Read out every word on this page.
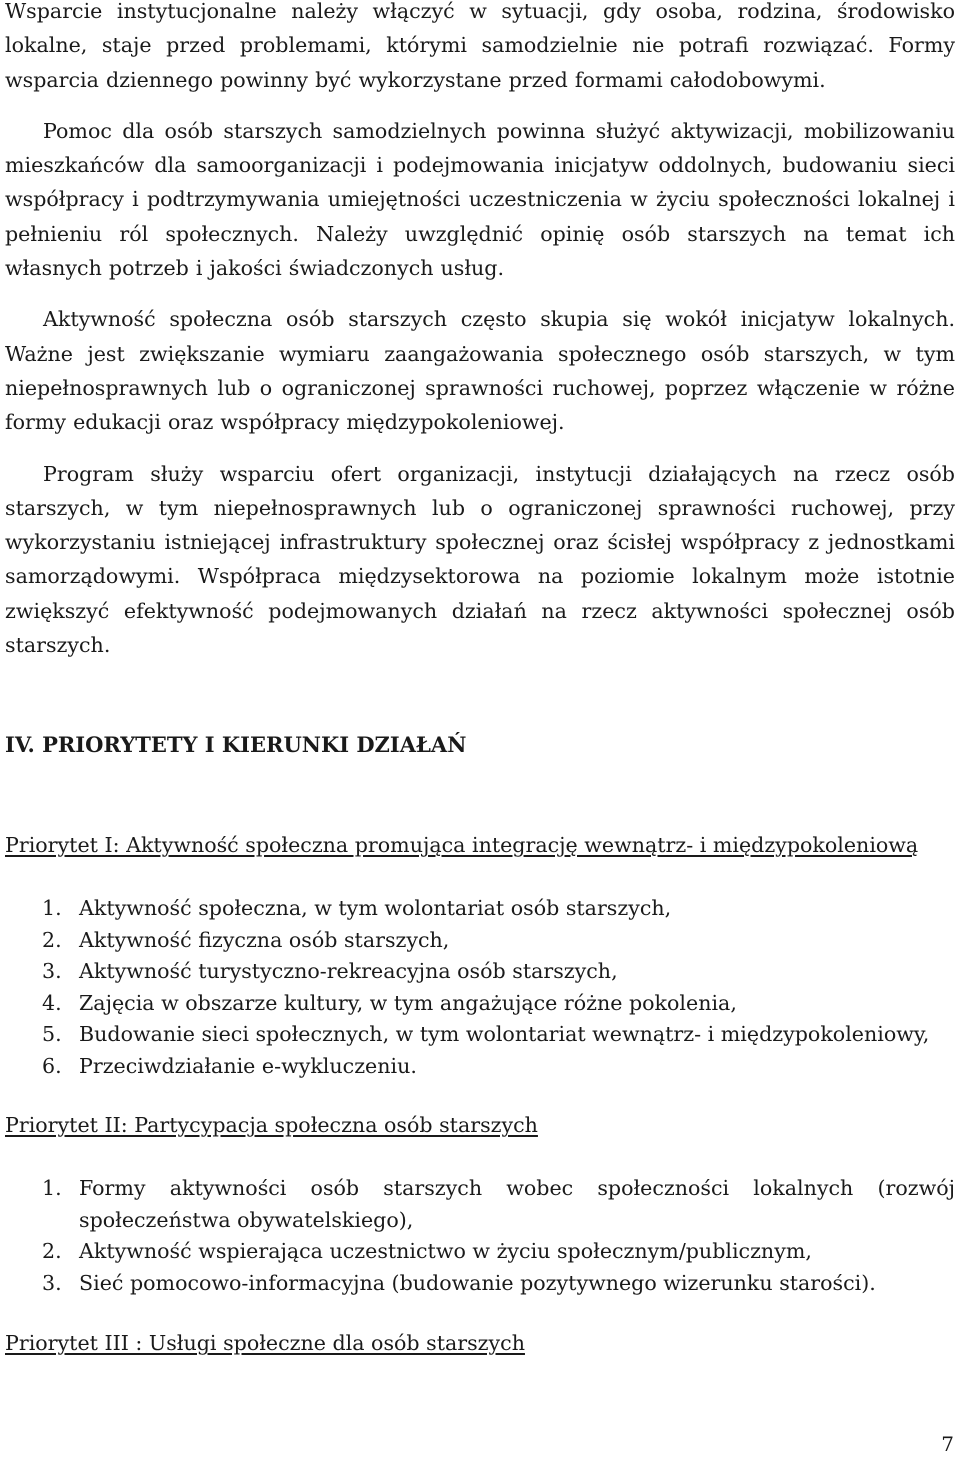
Wsparcie instytucjonalne należy włączyć w sytuacji, gdy osoba, rodzina, środowisko lokalne, staje przed problemami, którymi samodzielnie nie potrafi rozwiązać. Formy wsparcia dziennego powinny być wykorzystane przed formami całodobowymi.

Pomoc dla osób starszych samodzielnych powinna służyć aktywizacji, mobilizowaniu mieszkańców dla samoorganizacji i podejmowania inicjatyw oddolnych, budowaniu sieci współpracy i podtrzymywania umiejętności uczestniczenia w życiu społeczności lokalnej i pełnieniu ról społecznych. Należy uwzględnić opinię osób starszych na temat ich własnych potrzeb i jakości świadczonych usług.

Aktywność społeczna osób starszych często skupia się wokół inicjatyw lokalnych. Ważne jest zwiększanie wymiaru zaangażowania społecznego osób starszych, w tym niepełnosprawnych lub o ograniczonej sprawności ruchowej, poprzez włączenie w różne formy edukacji oraz współpracy międzypokoleniowej.

Program służy wsparciu ofert organizacji, instytucji działających na rzecz osób starszych, w tym niepełnosprawnych lub o ograniczonej sprawności ruchowej, przy wykorzystaniu istniejącej infrastruktury społecznej oraz ścisłej współpracy z jednostkami samorządowymi. Współpraca międzysektorowa na poziomie lokalnym może istotnie zwiększyć efektywność podejmowanych działań na rzecz aktywności społecznej osób starszych.

IV. PRIORYTETY I KIERUNKI DZIAŁAŃ
Priorytet I: Aktywność społeczna promująca integrację wewnątrz- i międzypokoleniową
1. Aktywność społeczna, w tym wolontariat osób starszych,
2. Aktywność fizyczna osób starszych,
3. Aktywność turystyczno-rekreacyjna osób starszych,
4. Zajęcia w obszarze kultury, w tym angażujące różne pokolenia,
5. Budowanie sieci społecznych, w tym wolontariat wewnątrz- i międzypokoleniowy,
6. Przeciwdziałanie e-wykluczeniu.
Priorytet II: Partycypacja społeczna osób starszych
1. Formy aktywności osób starszych wobec społeczności lokalnych (rozwój społeczeństwa obywatelskiego),
2. Aktywność wspierająca uczestnictwo w życiu społecznym/publicznym,
3. Sieć pomocowo-informacyjna (budowanie pozytywnego wizerunku starości).
Priorytet III : Usługi społeczne dla osób starszych
7
